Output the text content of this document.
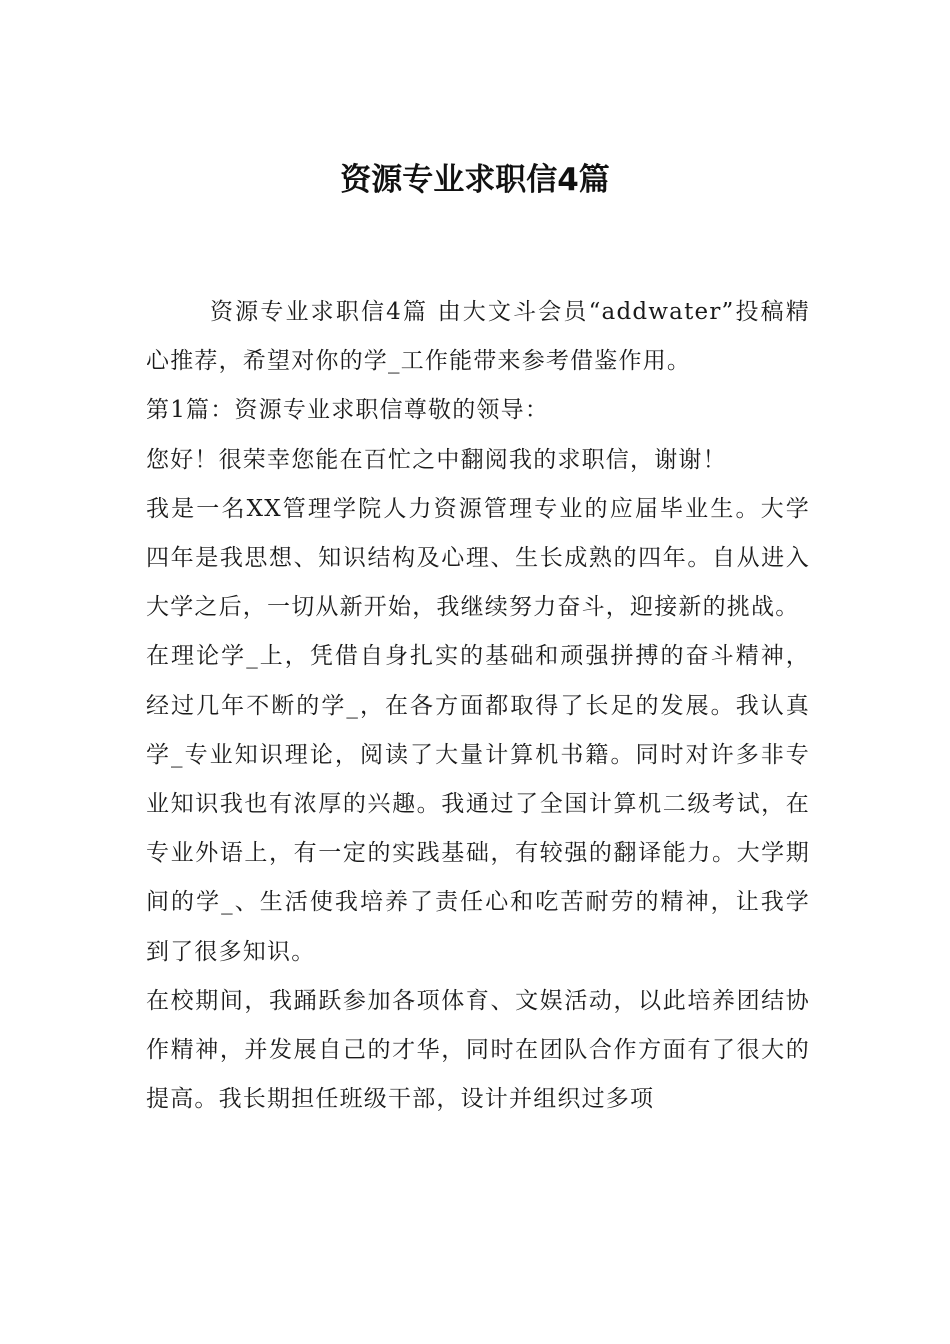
资源专业求职信4篇

资源专业求职信4篇 由大文斗会员“addwater”投稿精心推荐，希望对你的学_工作能带来参考借鉴作用。

第1篇：资源专业求职信尊敬的领导：

您好！很荣幸您能在百忙之中翻阅我的求职信，谢谢！

我是一名XX管理学院人力资源管理专业的应届毕业生。大学四年是我思想、知识结构及心理、生长成熟的四年。自从进入大学之后，一切从新开始，我继续努力奋斗，迎接新的挑战。

在理论学_上，凭借自身扎实的基础和顽强拼搏的奋斗精神，经过几年不断的学_，在各方面都取得了长足的发展。我认真学_专业知识理论，阅读了大量计算机书籍。同时对许多非专业知识我也有浓厚的兴趣。我通过了全国计算机二级考试，在专业外语上，有一定的实践基础，有较强的翻译能力。大学期间的学_、生活使我培养了责任心和吃苦耐劳的精神，让我学到了很多知识。

在校期间，我踊跃参加各项体育、文娱活动，以此培养团结协作精神，并发展自己的才华，同时在团队合作方面有了很大的提高。我长期担任班级干部，设计并组织过多项
